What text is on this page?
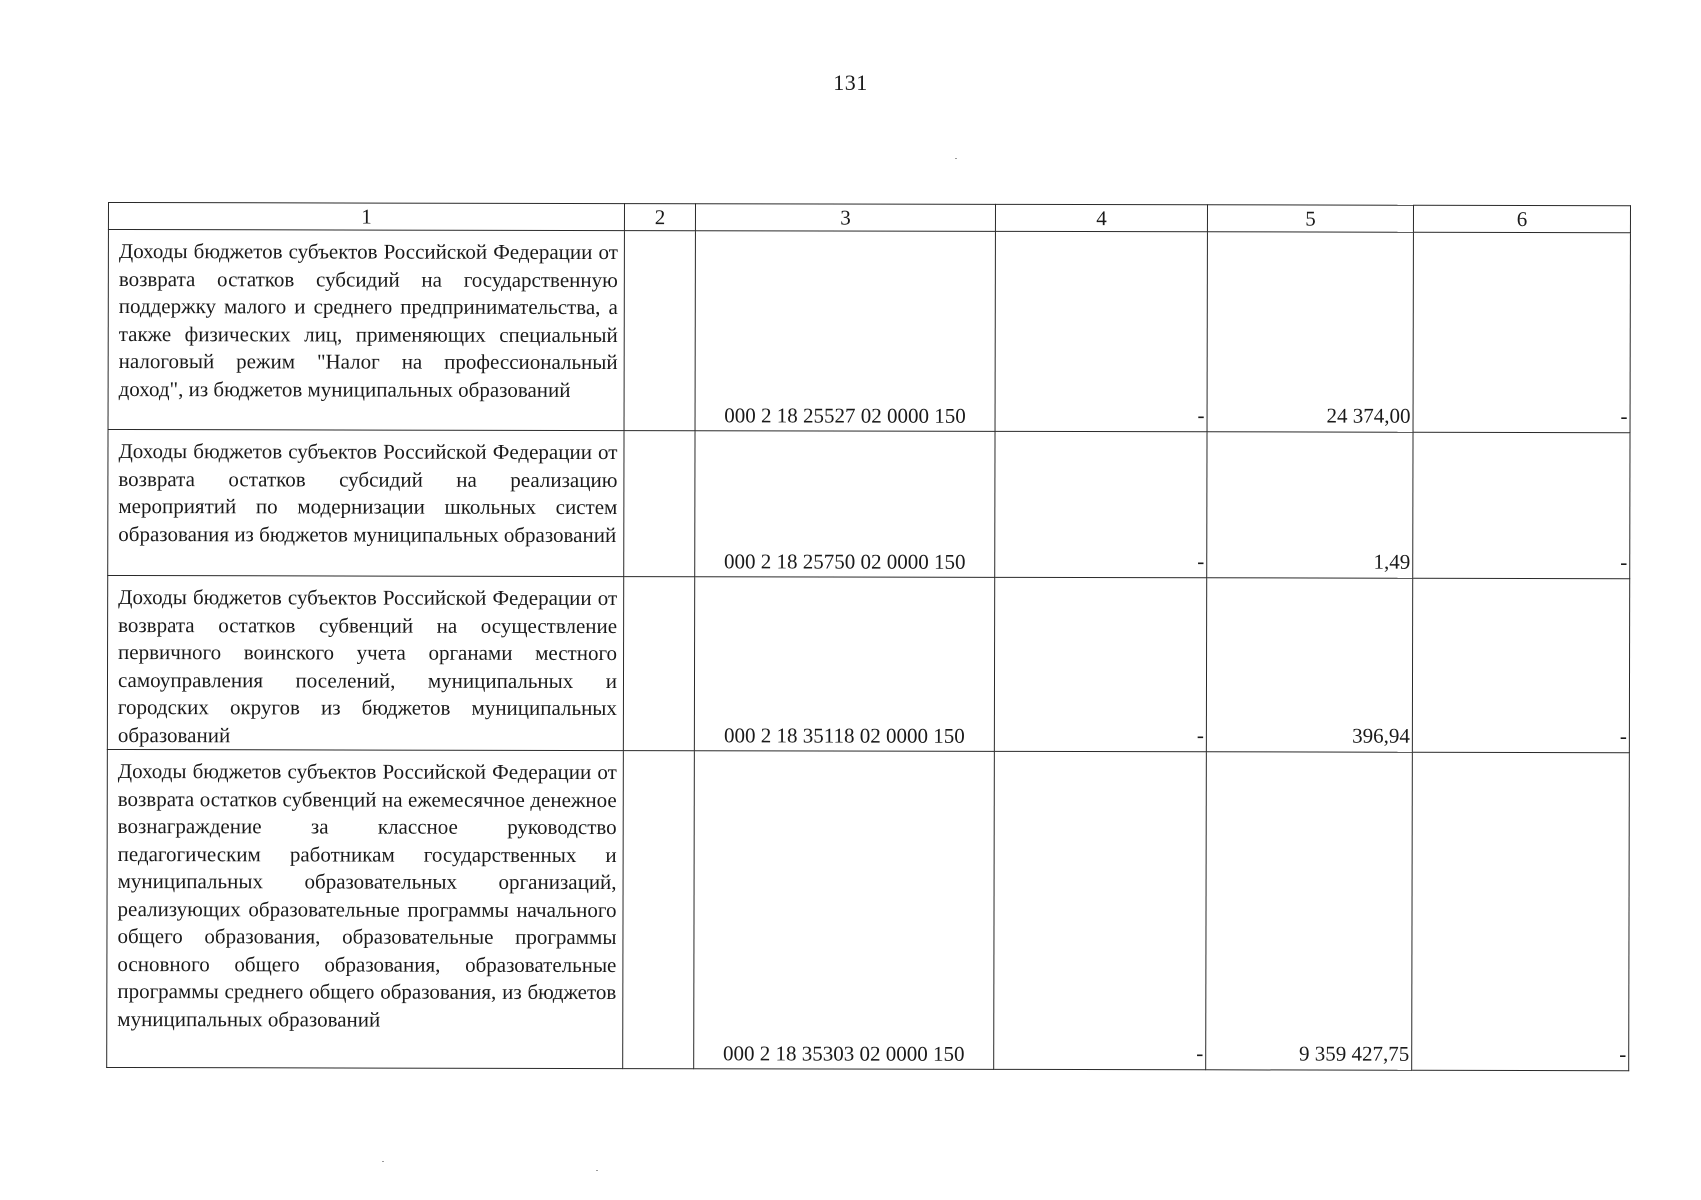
131
1	2	3	4	5	6
Доходы бюджетов субъектов Российской Федерации от возврата остатков субсидий на государственную поддержку малого и среднего предпринимательства, а также физических лиц, применяющих специальный налоговый режим "Налог на профессиональный доход", из бюджетов муниципальных образований		000 2 18 25527 02 0000 150	-	24 374,00	-
Доходы бюджетов субъектов Российской Федерации от возврата остатков субсидий на реализацию мероприятий по модернизации школьных систем образования из бюджетов муниципальных образований		000 2 18 25750 02 0000 150	-	1,49	-
Доходы бюджетов субъектов Российской Федерации от возврата остатков субвенций на осуществление первичного воинского учета органами местного самоуправления поселений, муниципальных и городских округов из бюджетов муниципальных образований		000 2 18 35118 02 0000 150	-	396,94	-
Доходы бюджетов субъектов Российской Федерации от возврата остатков субвенций на ежемесячное денежное вознаграждение за классное руководство педагогическим работникам государственных и муниципальных образовательных организаций, реализующих образовательные программы начального общего образования, образовательные программы основного общего образования, образовательные программы среднего общего образования, из бюджетов муниципальных образований		000 2 18 35303 02 0000 150	-	9 359 427,75	-
